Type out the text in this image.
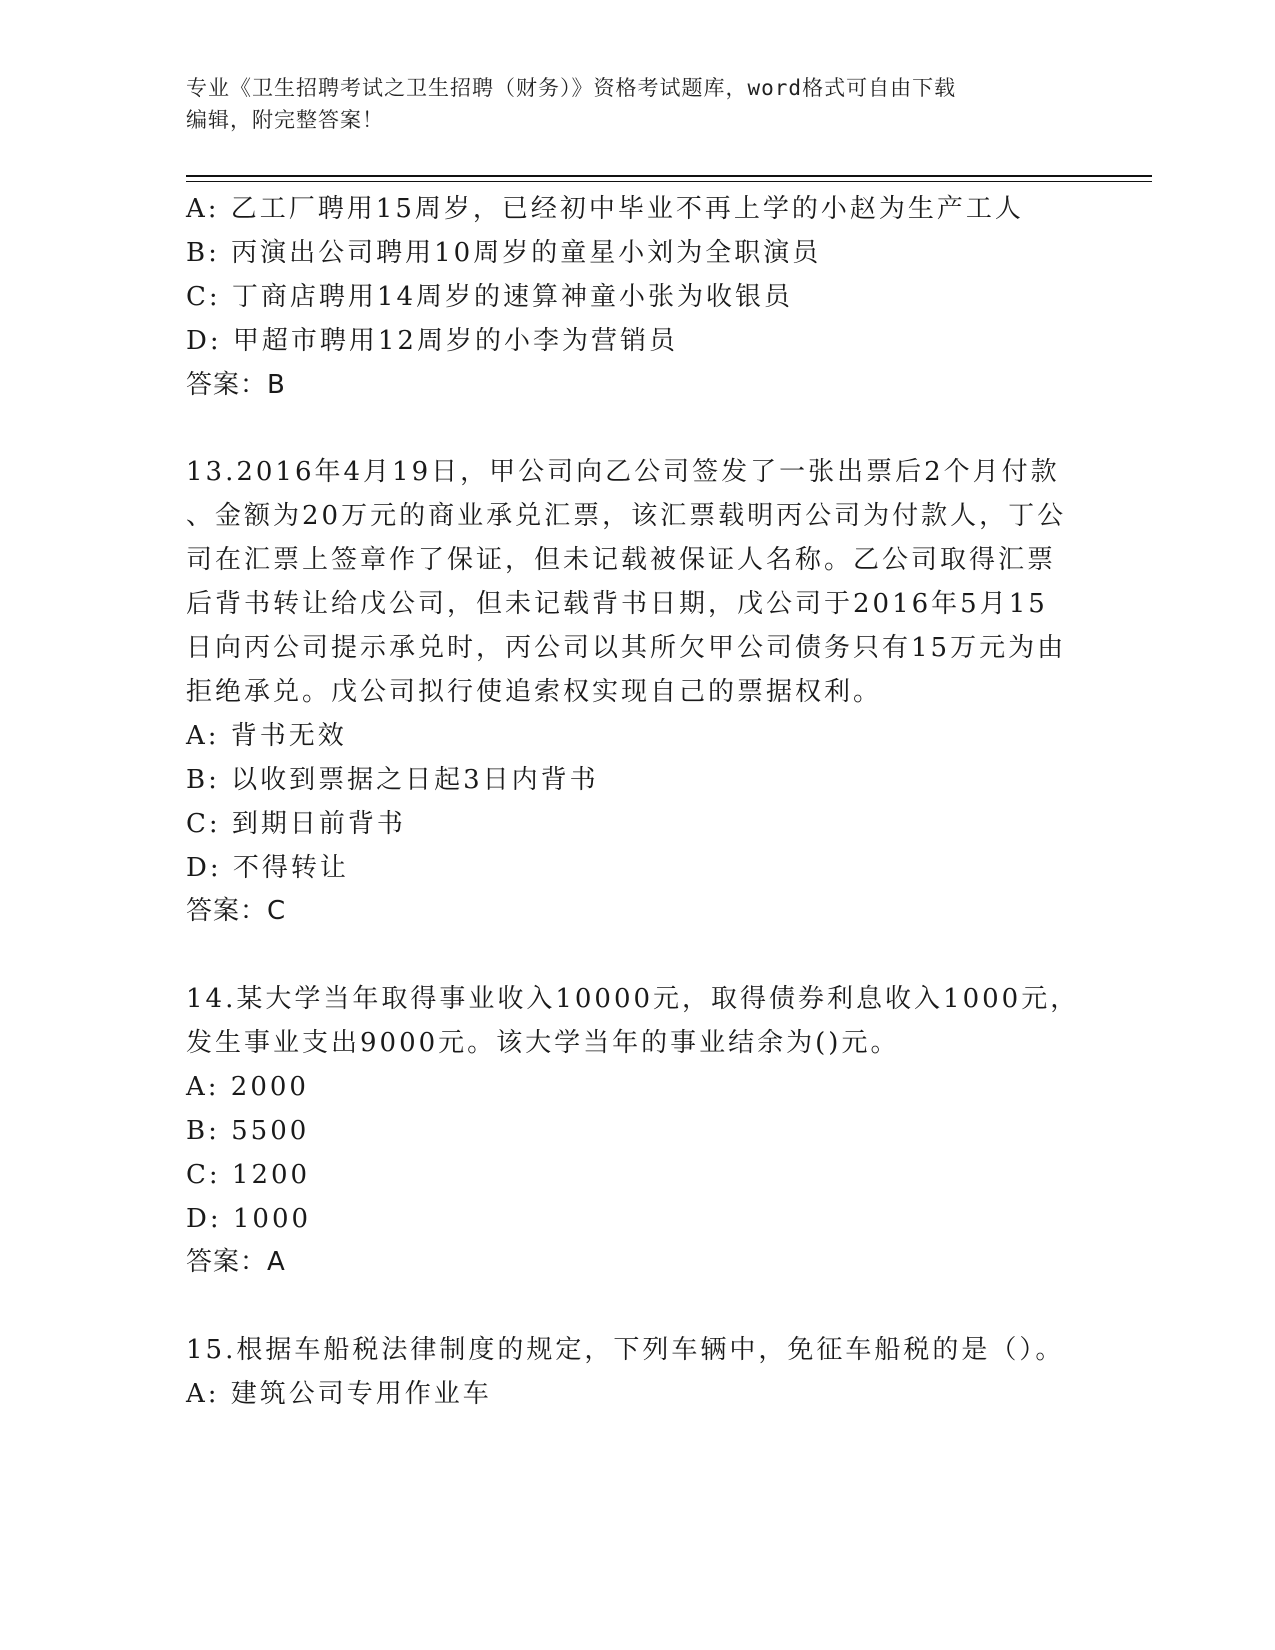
专业《卫生招聘考试之卫生招聘（财务）》资格考试题库，word格式可自由下载
编辑，附完整答案！
A: 乙工厂聘用15周岁，已经初中毕业不再上学的小赵为生产工人
B: 丙演出公司聘用10周岁的童星小刘为全职演员
C: 丁商店聘用14周岁的速算神童小张为收银员
D: 甲超市聘用12周岁的小李为营销员
答案：B
13.2016年4月19日，甲公司向乙公司签发了一张出票后2个月付款
、金额为20万元的商业承兑汇票，该汇票载明丙公司为付款人，丁公
司在汇票上签章作了保证，但未记载被保证人名称。乙公司取得汇票
后背书转让给戊公司，但未记载背书日期，戊公司于2016年5月15
日向丙公司提示承兑时，丙公司以其所欠甲公司债务只有15万元为由
拒绝承兑。戊公司拟行使追索权实现自己的票据权利。
A: 背书无效
B: 以收到票据之日起3日内背书
C: 到期日前背书
D: 不得转让
答案：C
14.某大学当年取得事业收入10000元，取得债券利息收入1000元，
发生事业支出9000元。该大学当年的事业结余为()元。
A: 2000
B: 5500
C: 1200
D: 1000
答案：A
15.根据车船税法律制度的规定，下列车辆中，免征车船税的是（）。
A: 建筑公司专用作业车
